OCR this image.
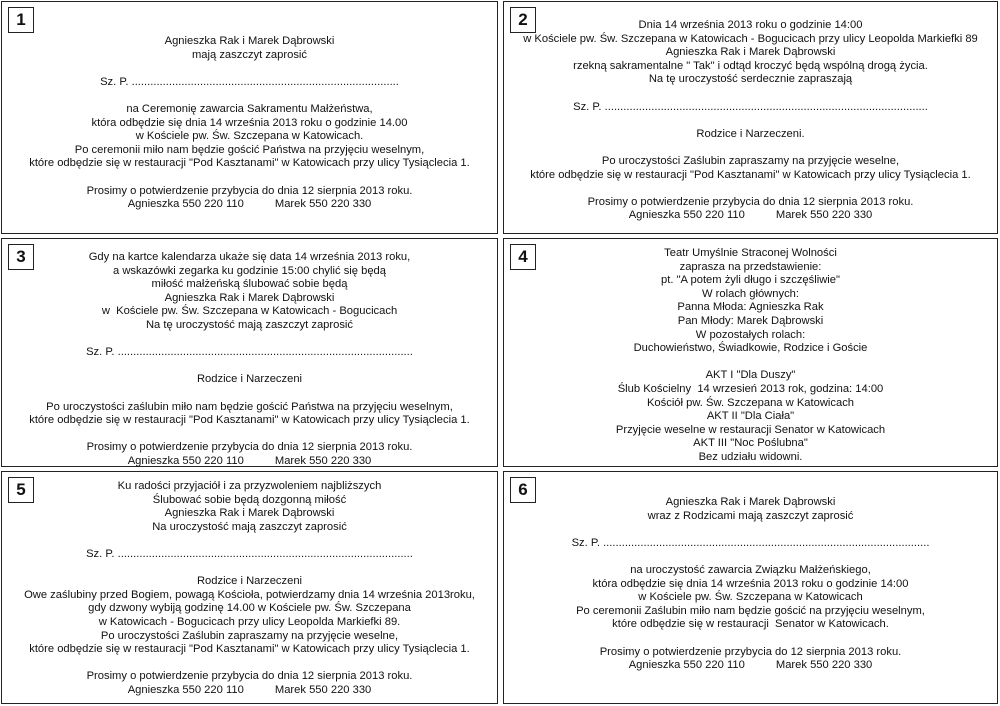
1
Agnieszka Rak i Marek Dąbrowski
mają zaszczyt zaprosić
Sz. P. ......................................................................................
na Ceremonię zawarcia Sakramentu Małżeństwa,
która odbędzie się dnia 14 września 2013 roku o godzinie 14.00
w Kościele pw. Św. Szczepana w Katowicach.
Po ceremonii miło nam będzie gościć Państwa na przyjęciu weselnym,
które odbędzie się w restauracji "Pod Kasztanami" w Katowicach przy ulicy Tysiąclecia 1.
Prosimy o potwierdzenie przybycia do dnia 12 sierpnia 2013 roku.
Agnieszka 550 220 110          Marek 550 220 330
2	Dnia 14 września 2013 roku o godzinie 14:00
w Kościele pw. Św. Szczepana w Katowicach - Bogucicach przy ulicy Leopolda Markiefki 89
Agnieszka Rak i Marek Dąbrowski
rzekną sakramentalne " Tak" i odtąd kroczyć będą wspólną drogą życia.
Na tę uroczystość serdecznie zapraszają
Sz. P. ........................................................................................................
Rodzice i Narzeczeni.
Po uroczystości Zaślubin zapraszamy na przyjęcie weselne,
które odbędzie się w restauracji "Pod Kasztanami" w Katowicach przy ulicy Tysiąclecia 1.
Prosimy o potwierdzenie przybycia do dnia 12 sierpnia 2013 roku.
Agnieszka 550 220 110          Marek 550 220 330
3	Gdy na kartce kalendarza ukaże się data 14 września 2013 roku,
a wskazówki zegarka ku godzinie 15:00 chylić się będą
miłość małżeńską ślubować sobie będą
Agnieszka Rak i Marek Dąbrowski
w  Kościele pw. Św. Szczepana w Katowicach - Bogucicach
Na tę uroczystość mają zaszczyt zaprosić
Sz. P. ...............................................................................................
Rodzice i Narzeczeni
Po uroczystości zaślubin miło nam będzie gościć Państwa na przyjęciu weselnym,
które odbędzie się w restauracji "Pod Kasztanami" w Katowicach przy ulicy Tysiąclecia 1.
Prosimy o potwierdzenie przybycia do dnia 12 sierpnia 2013 roku.
Agnieszka 550 220 110          Marek 550 220 330
4	Teatr Umyślnie Straconej Wolności
zaprasza na przedstawienie:
pt. "A potem żyli długo i szczęśliwie"
W rolach głównych:
Panna Młoda: Agnieszka Rak
Pan Młody: Marek Dąbrowski
W pozostałych rolach:
Duchowieństwo, Świadkowie, Rodzice i Goście
AKT I "Dla Duszy"
Ślub Kościelny  14 wrzesień 2013 rok, godzina: 14:00
Kościół pw. Św. Szczepana w Katowicach
AKT II "Dla Ciała"
Przyjęcie weselne w restauracji Senator w Katowicach
AKT III "Noc Poślubna"
Bez udziału widowni.
5	Ku radości przyjaciół i za przyzwoleniem najbliższych
Ślubować sobie będą dozgonną miłość
Agnieszka Rak i Marek Dąbrowski
Na uroczystość mają zaszczyt zaprosić
Sz. P. ...............................................................................................
Rodzice i Narzeczeni
Owe zaślubiny przed Bogiem, powagą Kościoła, potwierdzamy dnia 14 września 2013roku,
gdy dzwony wybiją godzinę 14.00 w Kościele pw. Św. Szczepana
w Katowicach - Bogucicach przy ulicy Leopolda Markiefki 89.
Po uroczystości Zaślubin zapraszamy na przyjęcie weselne,
które odbędzie się w restauracji "Pod Kasztanami" w Katowicach przy ulicy Tysiąclecia 1.
Prosimy o potwierdzenie przybycia do dnia 12 sierpnia 2013 roku.
Agnieszka 550 220 110          Marek 550 220 330
6
Agnieszka Rak i Marek Dąbrowski
wraz z Rodzicami mają zaszczyt zaprosić
Sz. P. .........................................................................................................
na uroczystość zawarcia Związku Małżeńskiego,
która odbędzie się dnia 14 września 2013 roku o godzinie 14:00
w Kościele pw. Św. Szczepana w Katowicach
Po ceremonii Zaślubin miło nam będzie gościć na przyjęciu weselnym,
które odbędzie się w restauracji  Senator w Katowicach.
Prosimy o potwierdzenie przybycia do 12 sierpnia 2013 roku.
Agnieszka 550 220 110          Marek 550 220 330
